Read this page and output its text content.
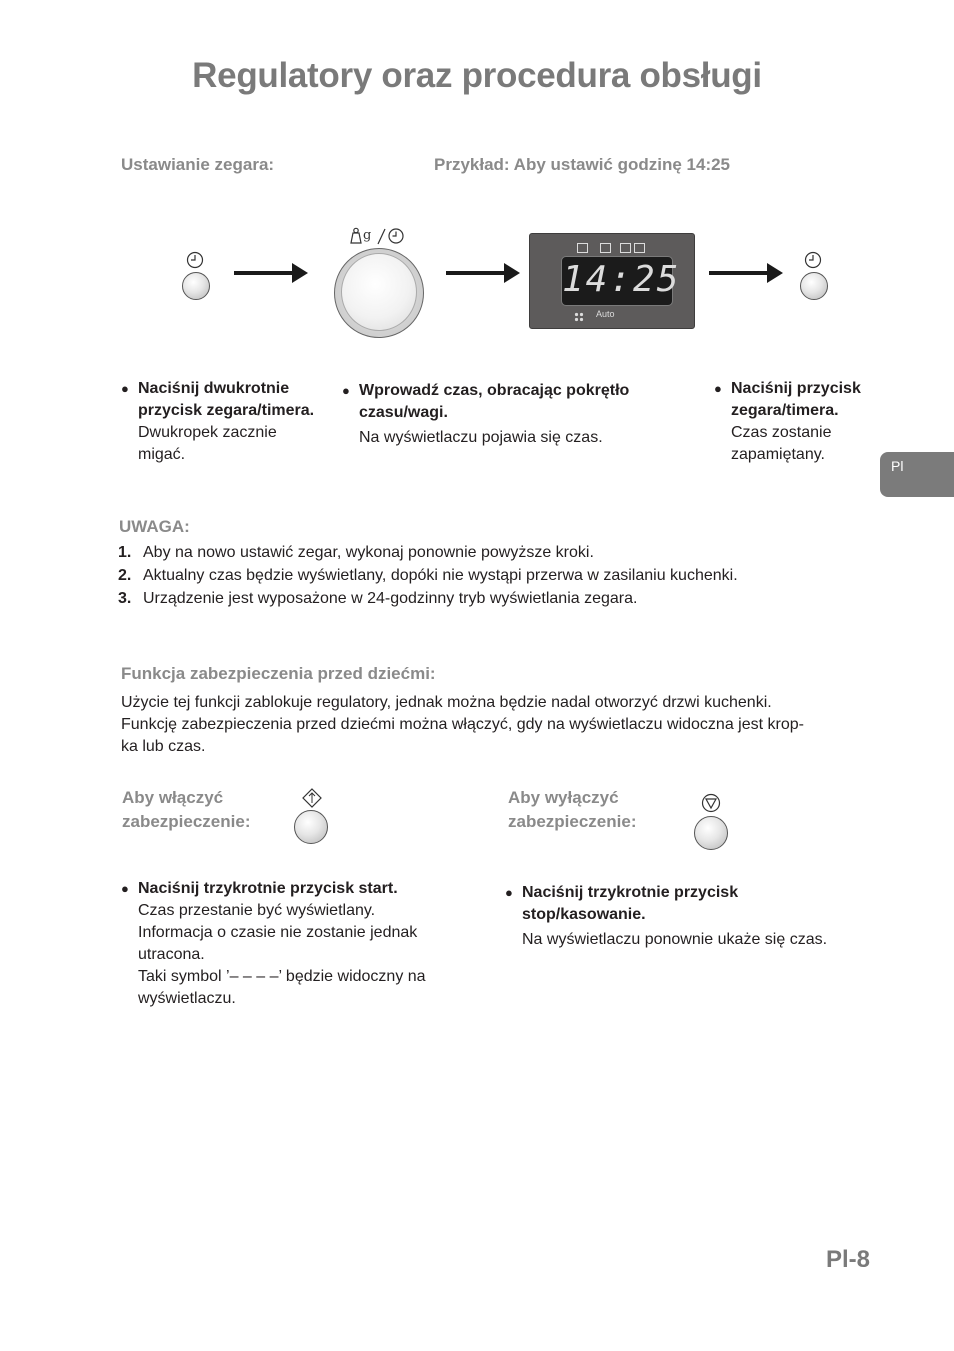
Regulatory oraz procedura obsługi
Ustawianie zegara:	Przykład: Aby ustawić godzinę 14:25
g
14:25
Auto
● Naciśnij dwukrotnie przycisk zegara/timera.
Dwukropek zacznie migać.
● Wprowadź czas, obracając pokrętło czasu/wagi.
Na wyświetlaczu pojawia się czas.
● Naciśnij przycisk zegara/timera.
Czas zostanie zapamiętany.
Pl
UWAGA:
1. Aby na nowo ustawić zegar, wykonaj ponownie powyższe kroki.
2. Aktualny czas będzie wyświetlany, dopóki nie wystąpi przerwa w zasilaniu kuchenki.
3. Urządzenie jest wyposażone w 24-godzinny tryb wyświetlania zegara.
Funkcja zabezpieczenia przed dziećmi:
Użycie tej funkcji zablokuje regulatory, jednak można będzie nadal otworzyć drzwi kuchenki.
Funkcję zabezpieczenia przed dziećmi można włączyć, gdy na wyświetlaczu widoczna jest krop-
ka lub czas.
Aby włączyć
zabezpieczenie:
● Naciśnij trzykrotnie przycisk start.
Czas przestanie być wyświetlany.
Informacja o czasie nie zostanie jednak
utracona.
Taki symbol ’– – – –’ będzie widoczny na
wyświetlaczu.
Aby wyłączyć
zabezpieczenie:
● Naciśnij trzykrotnie przycisk
stop/kasowanie.
Na wyświetlaczu ponownie ukaże się czas.
Pl-8
